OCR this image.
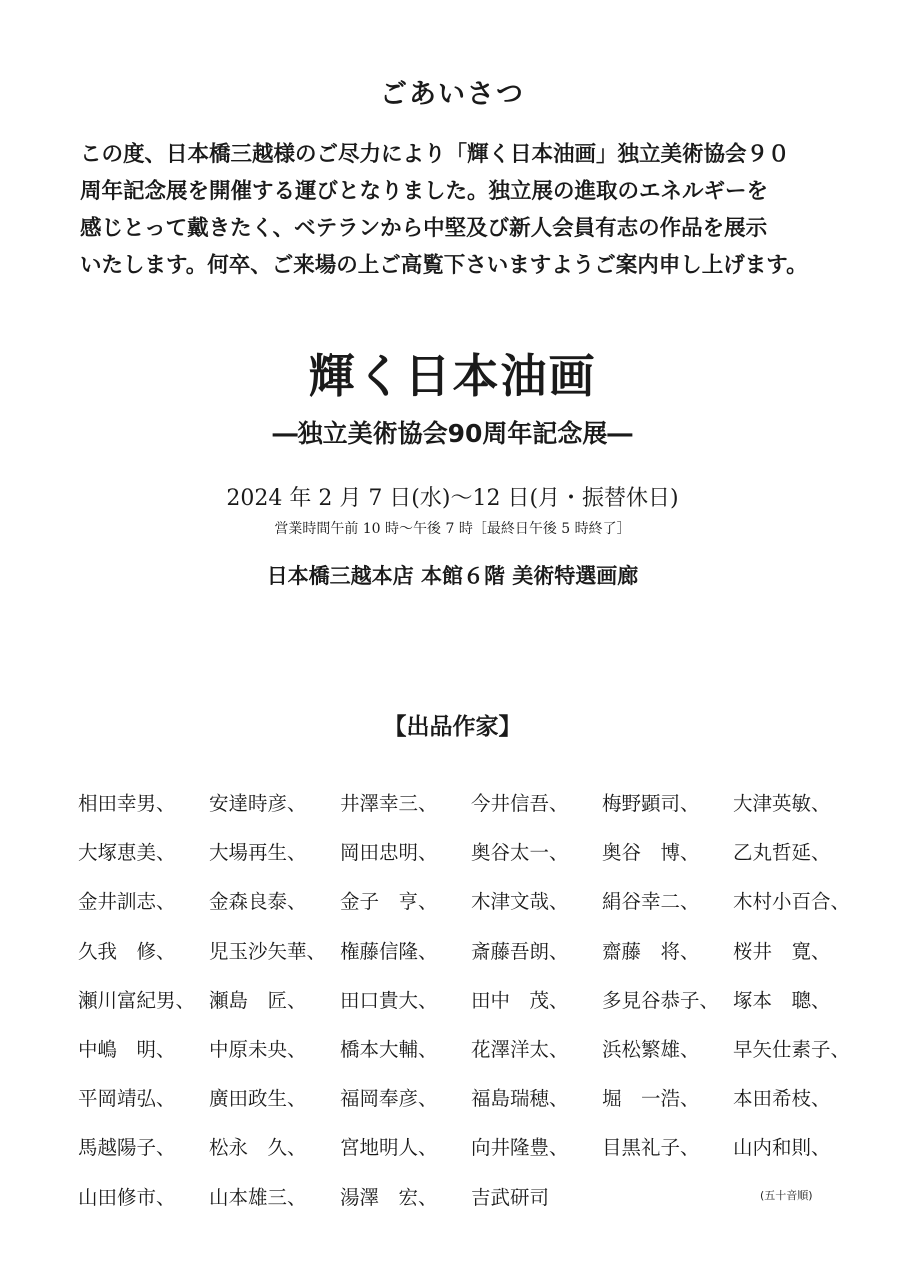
ごあいさつ
この度、日本橋三越様のご尽力により「輝く日本油画」独立美術協会９０
周年記念展を開催する運びとなりました。独立展の進取のエネルギーを
感じとって戴きたく、ベテランから中堅及び新人会員有志の作品を展示
いたします。何卒、ご来場の上ご高覧下さいますようご案内申し上げます。
輝く日本油画
―独立美術協会90周年記念展―
2024 年 2 月 7 日(水)～12 日(月・振替休日)
営業時間午前 10 時～午後 7 時［最終日午後 5 時終了］
日本橋三越本店 本館６階 美術特選画廊
【出品作家】
相田幸男、	安達時彦、	井澤幸三、	今井信吾、	梅野顕司、	大津英敏、
大塚恵美、	大場再生、	岡田忠明、	奥谷太一、	奥谷　博、	乙丸哲延、
金井訓志、	金森良泰、	金子　亨、	木津文哉、	絹谷幸二、	木村小百合、
久我　修、	児玉沙矢華、 権藤信隆、	斎藤吾朗、	齋藤　将、	桜井　寛、
瀬川富紀男、 瀬島　匠、	田口貴大、	田中　茂、	多見谷恭子、 塚本　聰、
中嶋　明、	中原未央、	橋本大輔、	花澤洋太、	浜松繁雄、	早矢仕素子、
平岡靖弘、	廣田政生、	福岡奉彦、	福島瑞穂、	堀　一浩、	本田希枝、
馬越陽子、	松永　久、	宮地明人、	向井隆豊、	目黒礼子、	山内和則、
山田修市、	山本雄三、	湯澤　宏、	吉武研司	(五十音順)
